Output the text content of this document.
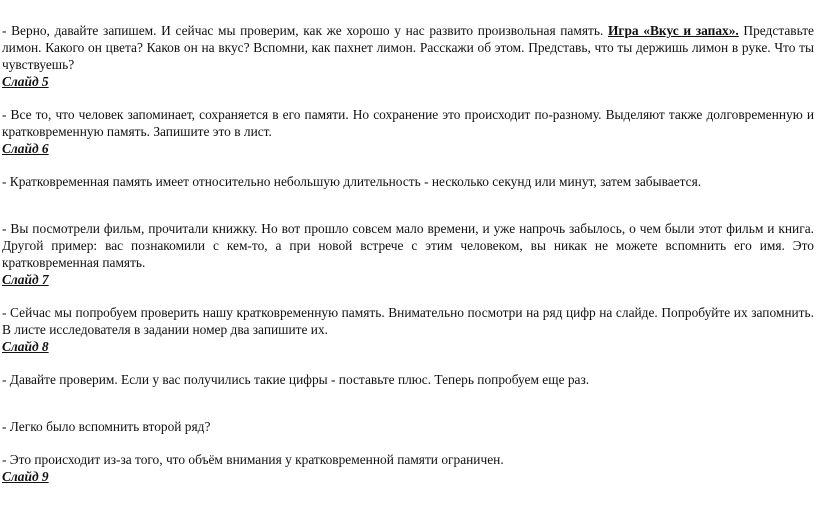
- Верно, давайте запишем. И сейчас мы проверим, как же хорошо у нас развито произвольная память. Игра «Вкус и запах». Представьте лимон. Какого он цвета? Каков он на вкус? Вспомни, как пахнет лимон. Расскажи об этом. Представь, что ты держишь лимон в руке. Что ты чувствуешь?

Слайд 5

- Все то, что человек запоминает, сохраняется в его памяти. Но сохранение это происходит по-разному. Выделяют также долговременную и кратковременную память. Запишите это в лист.

Слайд 6

- Кратковременная память имеет относительно небольшую длительность - несколько секунд или минут, затем забывается.

- Вы посмотрели фильм, прочитали книжку. Но вот прошло совсем мало времени, и уже напрочь забылось, о чем были этот фильм и книга. Другой пример: вас познакомили с кем-то, а при новой встрече с этим человеком, вы никак не можете вспомнить его имя. Это кратковременная память.

Слайд 7

- Сейчас мы попробуем проверить нашу кратковременную память. Внимательно посмотри на ряд цифр на слайде. Попробуйте их запомнить. В листе исследователя в задании номер два запишите их.

Слайд 8

- Давайте проверим. Если у вас получились такие цифры - поставьте плюс. Теперь попробуем еще раз.

- Легко было вспомнить второй ряд?

- Это происходит из-за того, что объём внимания у кратковременной памяти ограничен.

Слайд 9
